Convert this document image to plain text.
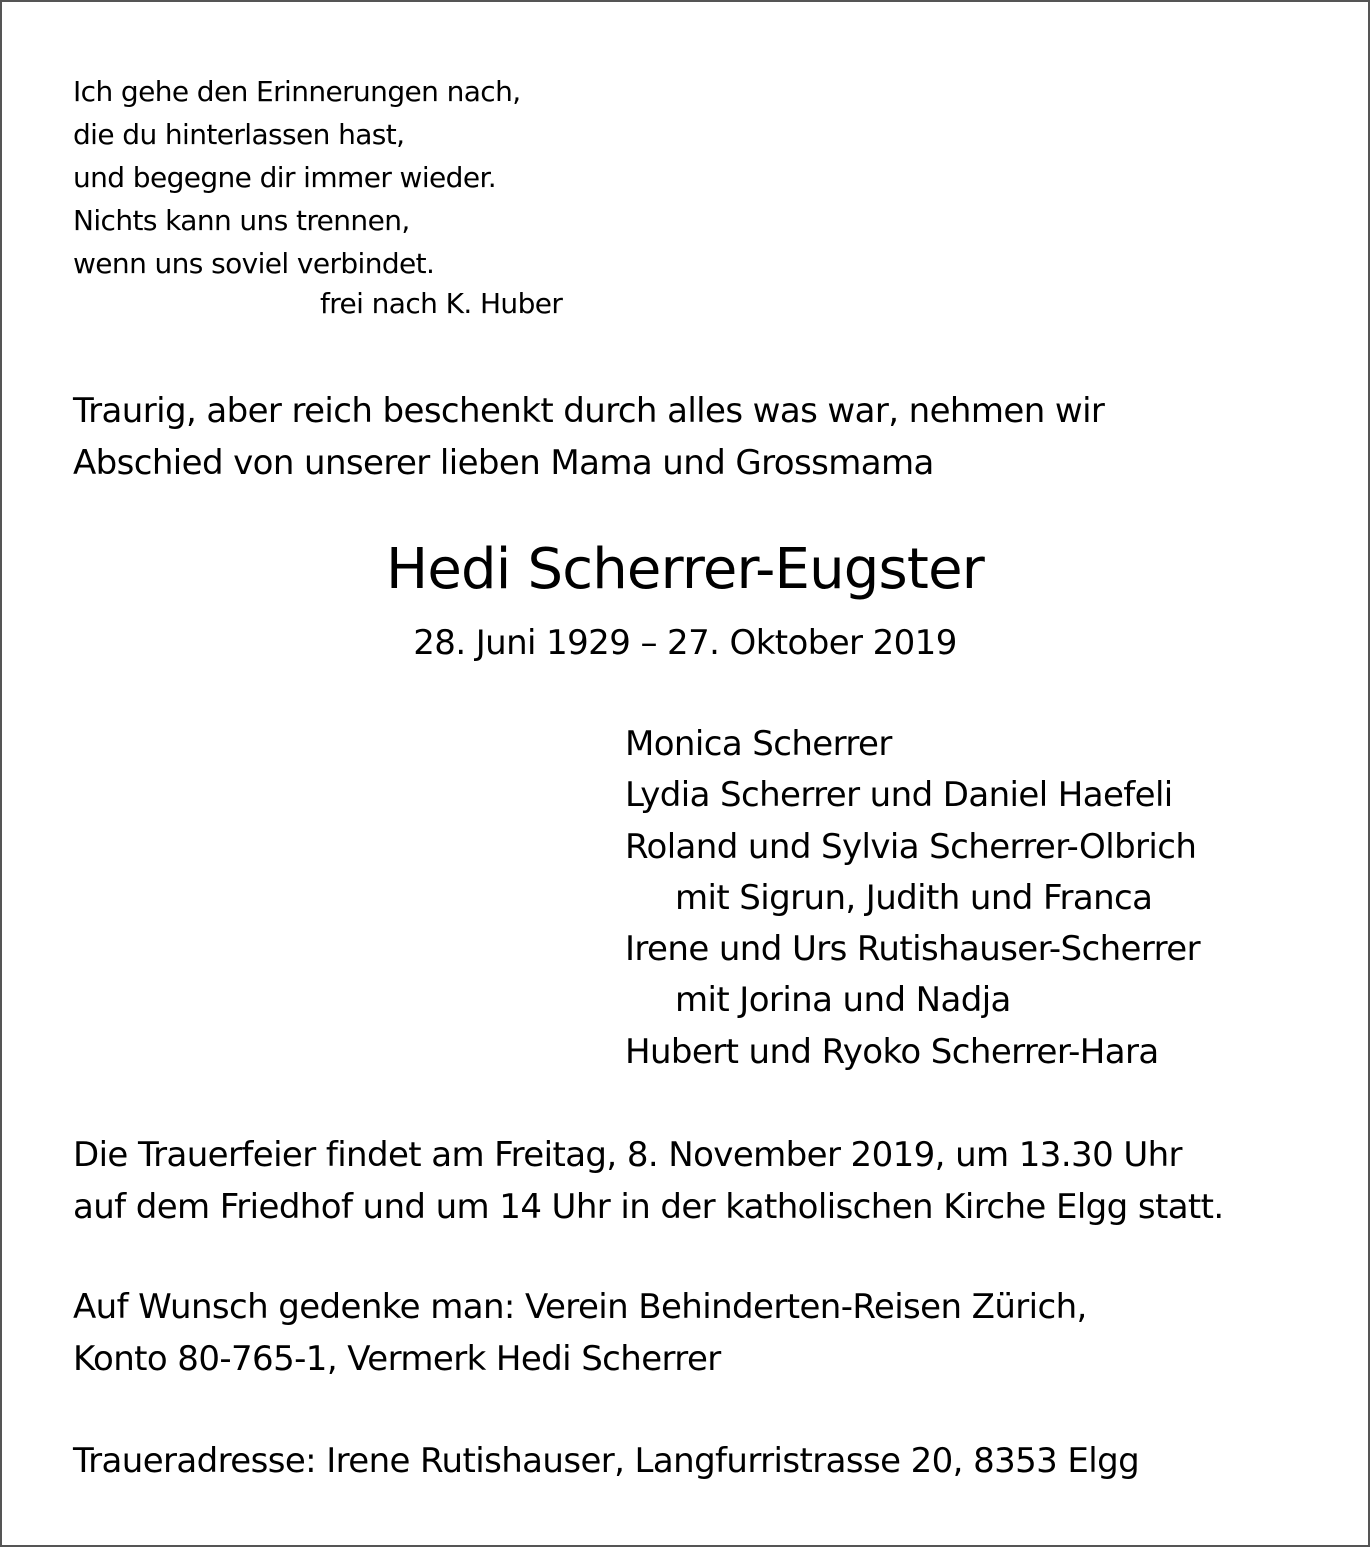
Ich gehe den Erinnerungen nach,
die du hinterlassen hast,
und begegne dir immer wieder.
Nichts kann uns trennen,
wenn uns soviel verbindet.
frei nach K. Huber
Traurig, aber reich beschenkt durch alles was war, nehmen wir
Abschied von unserer lieben Mama und Grossmama
Hedi Scherrer-Eugster
28. Juni 1929 – 27. Oktober 2019
Monica Scherrer
Lydia Scherrer und Daniel Haefeli
Roland und Sylvia Scherrer-Olbrich
mit Sigrun, Judith und Franca
Irene und Urs Rutishauser-Scherrer
mit Jorina und Nadja
Hubert und Ryoko Scherrer-Hara
Die Trauerfeier findet am Freitag, 8. November 2019, um 13.30 Uhr
auf dem Friedhof und um 14 Uhr in der katholischen Kirche Elgg statt.
Auf Wunsch gedenke man: Verein Behinderten-Reisen Zürich,
Konto 80-765-1, Vermerk Hedi Scherrer
Traueradresse: Irene Rutishauser, Langfurristrasse 20, 8353 Elgg
